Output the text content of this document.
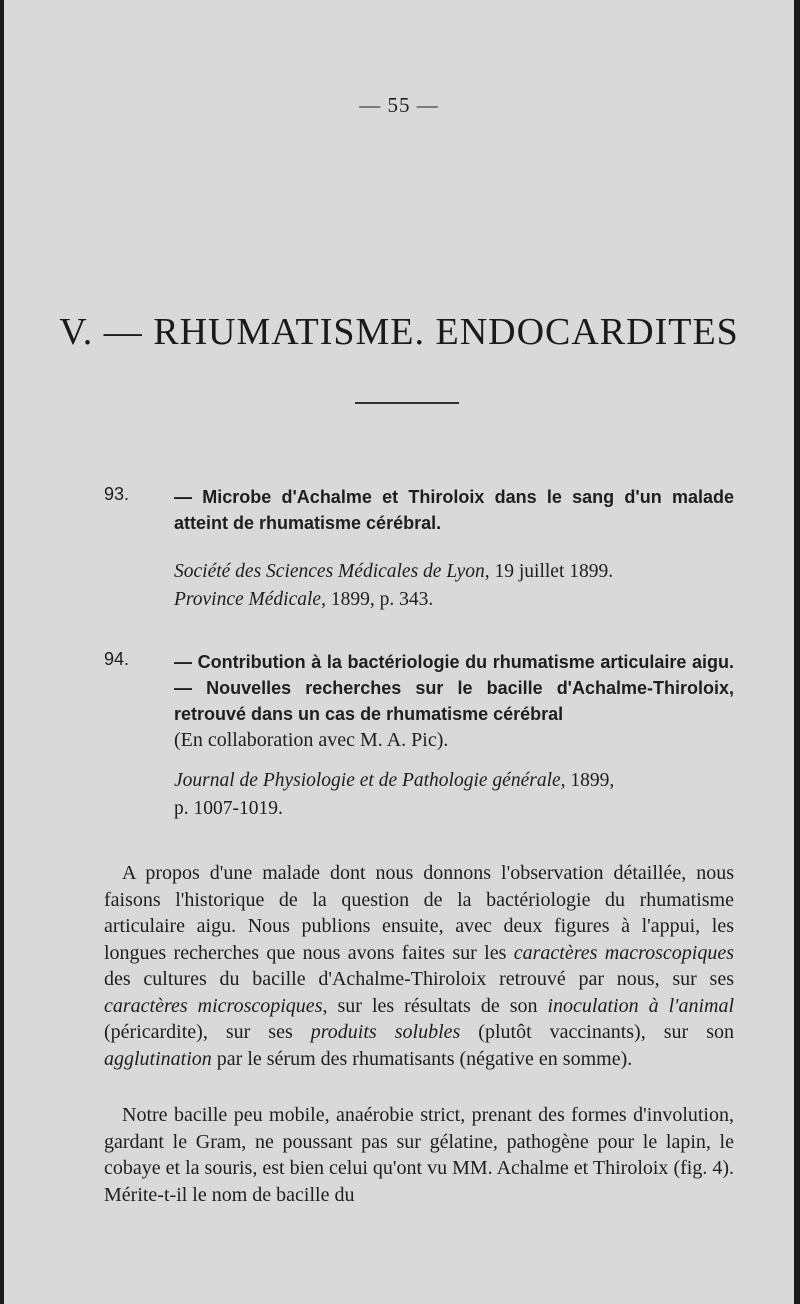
— 55 —
V. — RHUMATISME. ENDOCARDITES
93. — Microbe d'Achalme et Thiroloix dans le sang d'un malade atteint de rhumatisme cérébral.

Société des Sciences Médicales de Lyon, 19 juillet 1899.
Province Médicale, 1899, p. 343.
94. — Contribution à la bactériologie du rhumatisme articulaire aigu. — Nouvelles recherches sur le bacille d'Achalme-Thiroloix, retrouvé dans un cas de rhumatisme cérébral

(En collaboration avec M. A. Pic).

Journal de Physiologie et de Pathologie générale, 1899,
p. 1007-1019.

A propos d'une malade dont nous donnons l'observation détaillée, nous faisons l'historique de la question de la bactériologie du rhumatisme articulaire aigu. Nous publions ensuite, avec deux figures à l'appui, les longues recherches que nous avons faites sur les caractères macroscopiques des cultures du bacille d'Achalme-Thiroloix retrouvé par nous, sur ses caractères microscopiques, sur les résultats de son inoculation à l'animal (péricardite), sur ses produits solubles (plutôt vaccinants), sur son agglutination par le sérum des rhumatisants (négative en somme).

Notre bacille peu mobile, anaérobie strict, prenant des formes d'involution, gardant le Gram, ne poussant pas sur gélatine, pathogène pour le lapin, le cobaye et la souris, est bien celui qu'ont vu MM. Achalme et Thiroloix (fig. 4). Mérite-t-il le nom de bacille du
